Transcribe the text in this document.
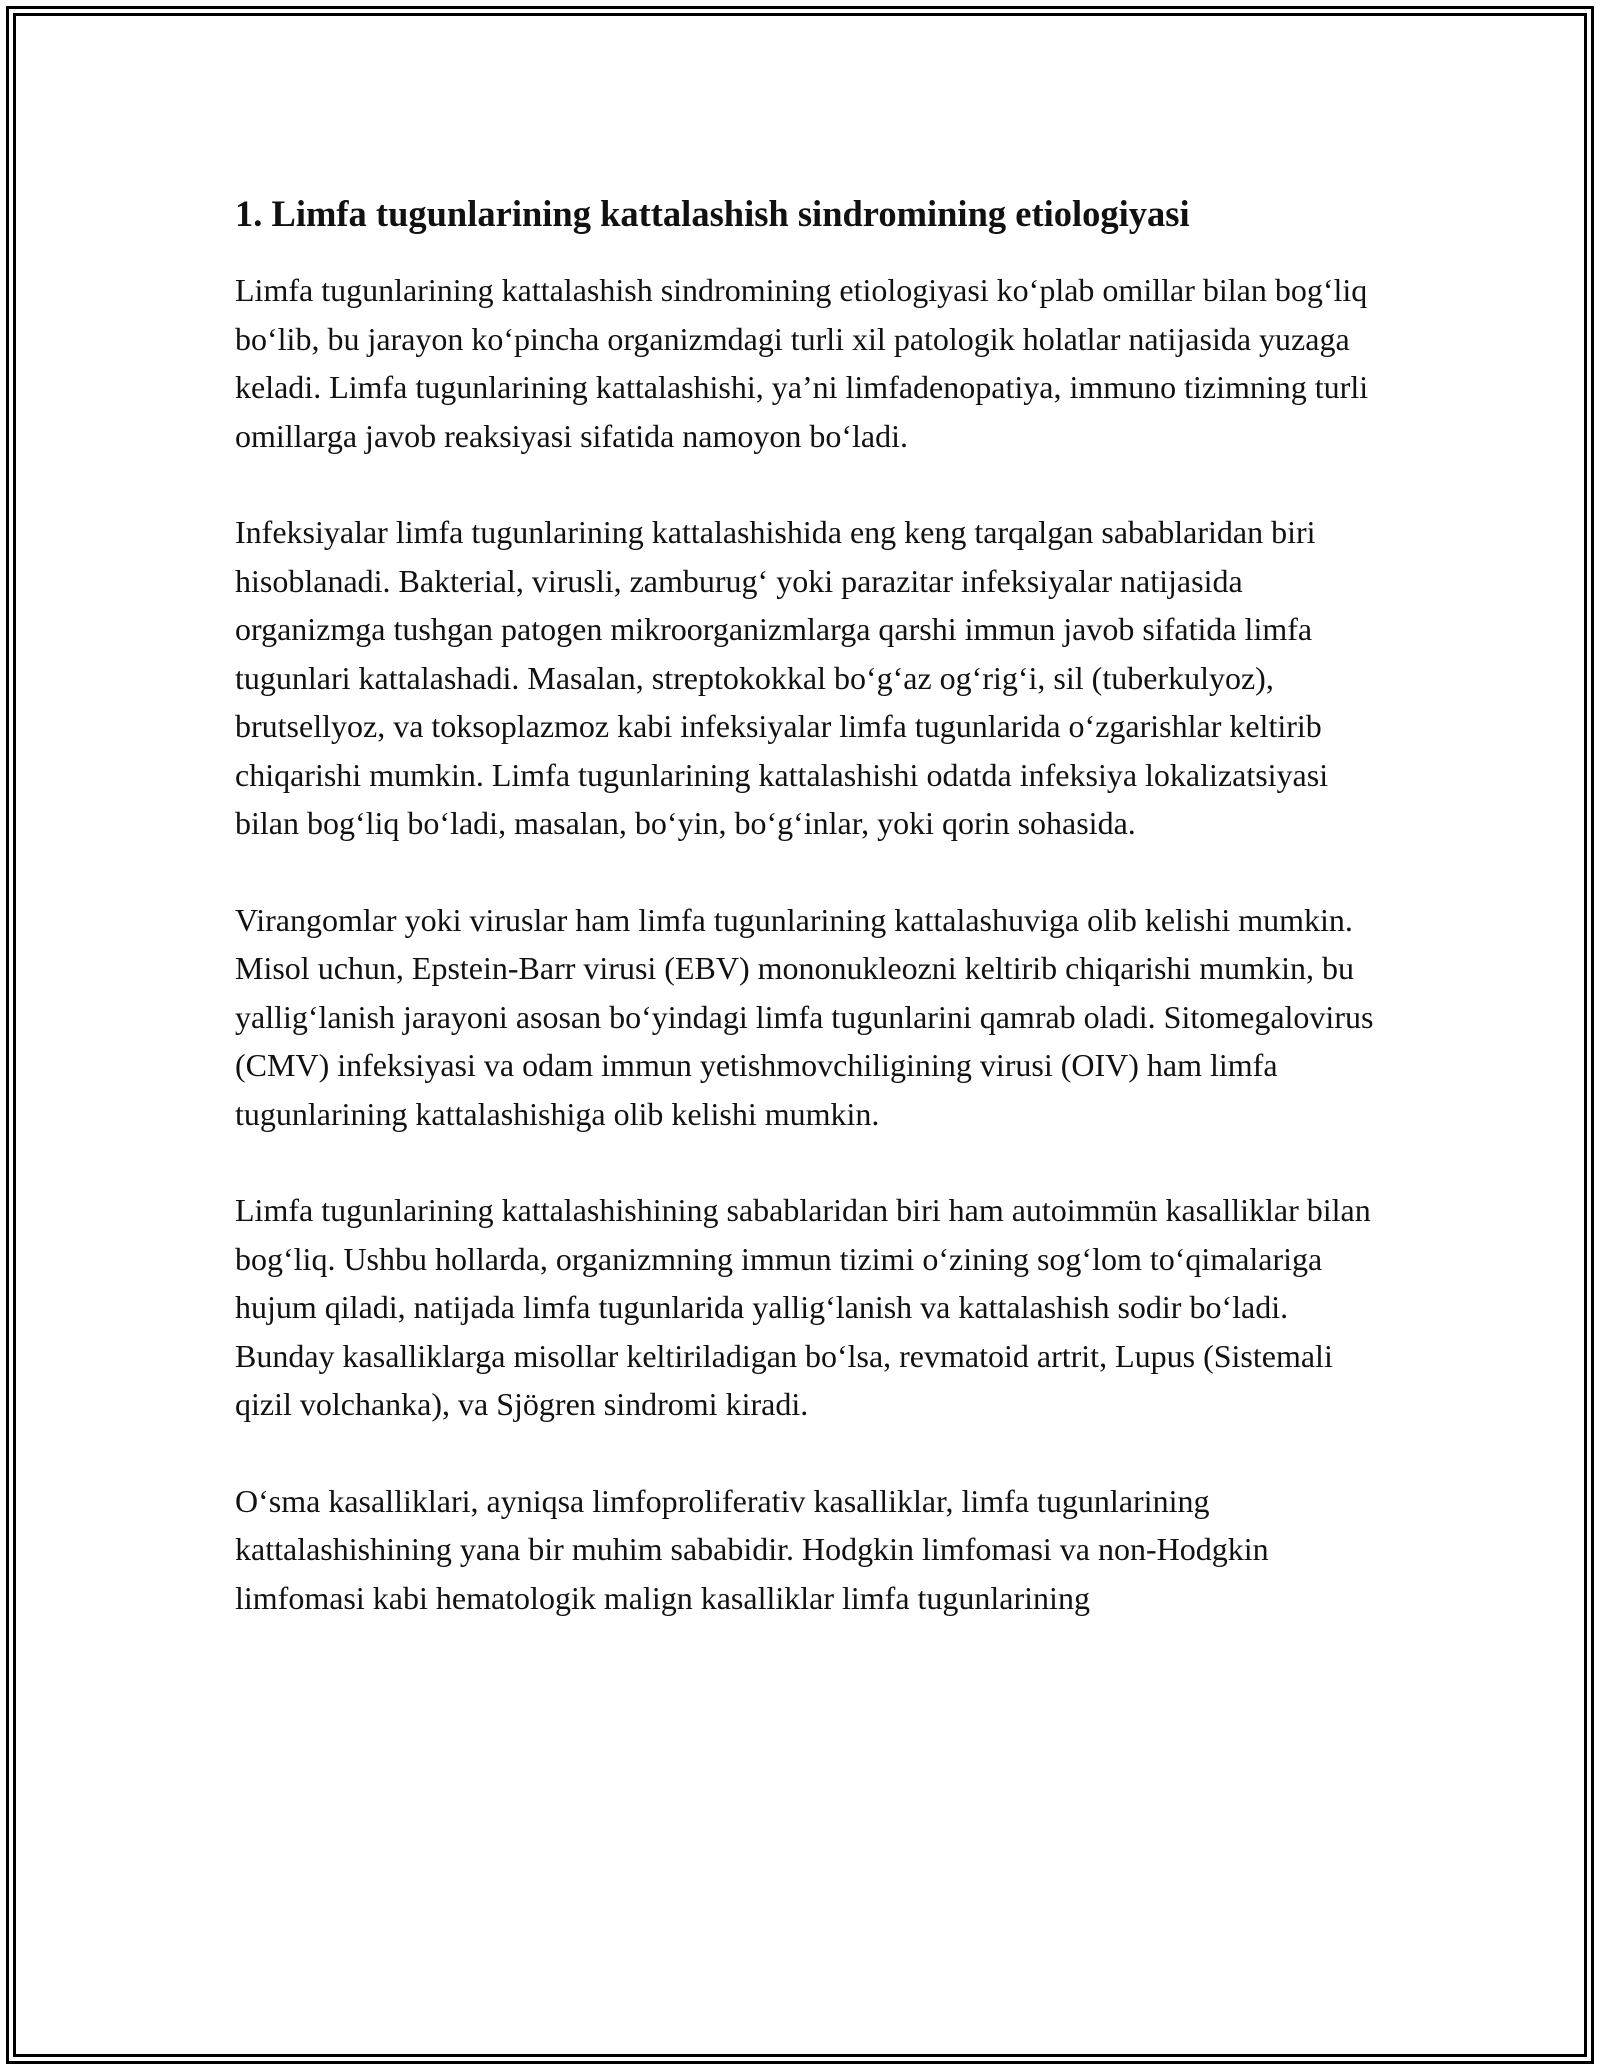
1. Limfa tugunlarining kattalashish sindromining etiologiyasi

Limfa tugunlarining kattalashish sindromining etiologiyasi ko‘plab omillar bilan bog‘liq bo‘lib, bu jarayon ko‘pincha organizmdagi turli xil patologik holatlar natijasida yuzaga keladi. Limfa tugunlarining kattalashishi, ya’ni limfadenopatiya, immuno tizimning turli omillarga javob reaksiyasi sifatida namoyon bo‘ladi.

Infeksiyalar limfa tugunlarining kattalashishida eng keng tarqalgan sabablaridan biri hisoblanadi. Bakterial, virusli, zamburug‘ yoki parazitar infeksiyalar natijasida organizmga tushgan patogen mikroorganizmlarga qarshi immun javob sifatida limfa tugunlari kattalashadi. Masalan, streptokokkal bo‘g‘az og‘rig‘i, sil (tuberkulyoz), brutsellyoz, va toksoplazmoz kabi infeksiyalar limfa tugunlarida o‘zgarishlar keltirib chiqarishi mumkin. Limfa tugunlarining kattalashishi odatda infeksiya lokalizatsiyasi bilan bog‘liq bo‘ladi, masalan, bo‘yin, bo‘g‘inlar, yoki qorin sohasida.

Virangomlar yoki viruslar ham limfa tugunlarining kattalashuviga olib kelishi mumkin. Misol uchun, Epstein-Barr virusi (EBV) mononukleozni keltirib chiqarishi mumkin, bu yallig‘lanish jarayoni asosan bo‘yindagi limfa tugunlarini qamrab oladi. Sitomegalovirus (CMV) infeksiyasi va odam immun yetishmovchiligining virusi (OIV) ham limfa tugunlarining kattalashishiga olib kelishi mumkin.

Limfa tugunlarining kattalashishining sabablaridan biri ham autoimmün kasalliklar bilan bog‘liq. Ushbu hollarda, organizmning immun tizimi o‘zining sog‘lom to‘qimalariga hujum qiladi, natijada limfa tugunlarida yallig‘lanish va kattalashish sodir bo‘ladi. Bunday kasalliklarga misollar keltiriladigan bo‘lsa, revmatoid artrit, Lupus (Sistemali qizil volchanka), va Sjögren sindromi kiradi.

O‘sma kasalliklari, ayniqsa limfoproliferativ kasalliklar, limfa tugunlarining kattalashishining yana bir muhim sababidir. Hodgkin limfomasi va non-Hodgkin limfomasi kabi hematologik malign kasalliklar limfa tugunlarining
